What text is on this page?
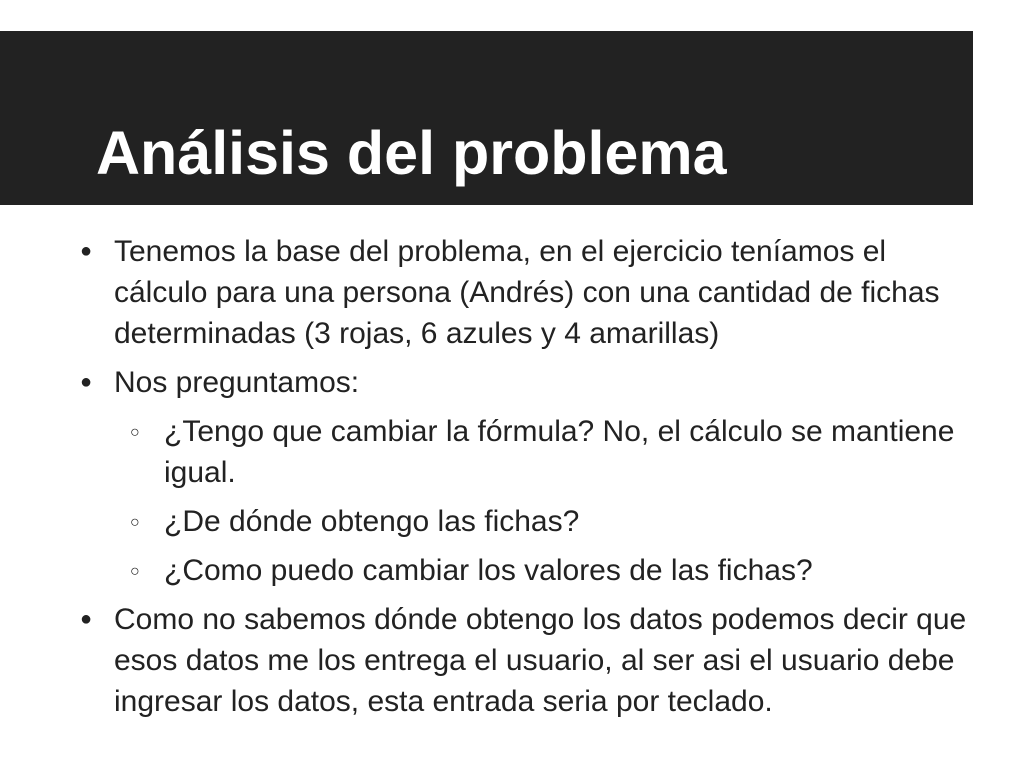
Análisis del problema
● Tenemos la base del problema, en el ejercicio teníamos el cálculo para una persona (Andrés) con una cantidad de fichas determinadas (3 rojas, 6 azules y 4 amarillas)
● Nos preguntamos:
○ ¿Tengo que cambiar la fórmula? No, el cálculo se mantiene igual.
○ ¿De dónde obtengo las fichas?
○ ¿Como puedo cambiar los valores de las fichas?
● Como no sabemos dónde obtengo los datos podemos decir que esos datos me los entrega el usuario, al ser asi el usuario debe ingresar los datos, esta entrada seria por teclado.
